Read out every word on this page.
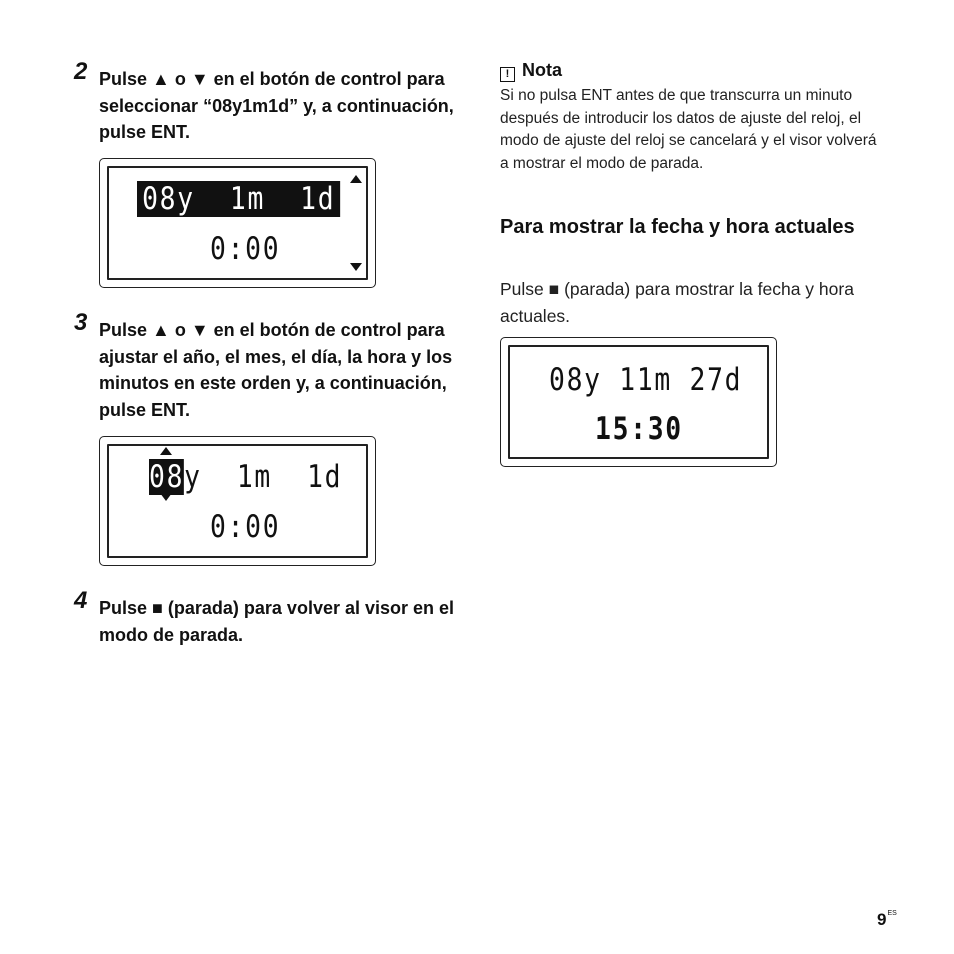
2 Pulse ▲ o ▼ en el botón de control para seleccionar “08y1m1d” y, a continuación, pulse ENT.
08y  1m  1d
0:00
3 Pulse ▲ o ▼ en el botón de control para ajustar el año, el mes, el día, la hora y los minutos en este orden y, a continuación, pulse ENT.
08y  1m  1d
0:00
4 Pulse ■ (parada) para volver al visor en el modo de parada.
! Nota
Si no pulsa ENT antes de que transcurra un minuto después de introducir los datos de ajuste del reloj, el modo de ajuste del reloj se cancelará y el visor volverá a mostrar el modo de parada.
Para mostrar la fecha y hora actuales
Pulse ■ (parada) para mostrar la fecha y hora actuales.
08y 11m 27d
15:30
$9^{ES}$
